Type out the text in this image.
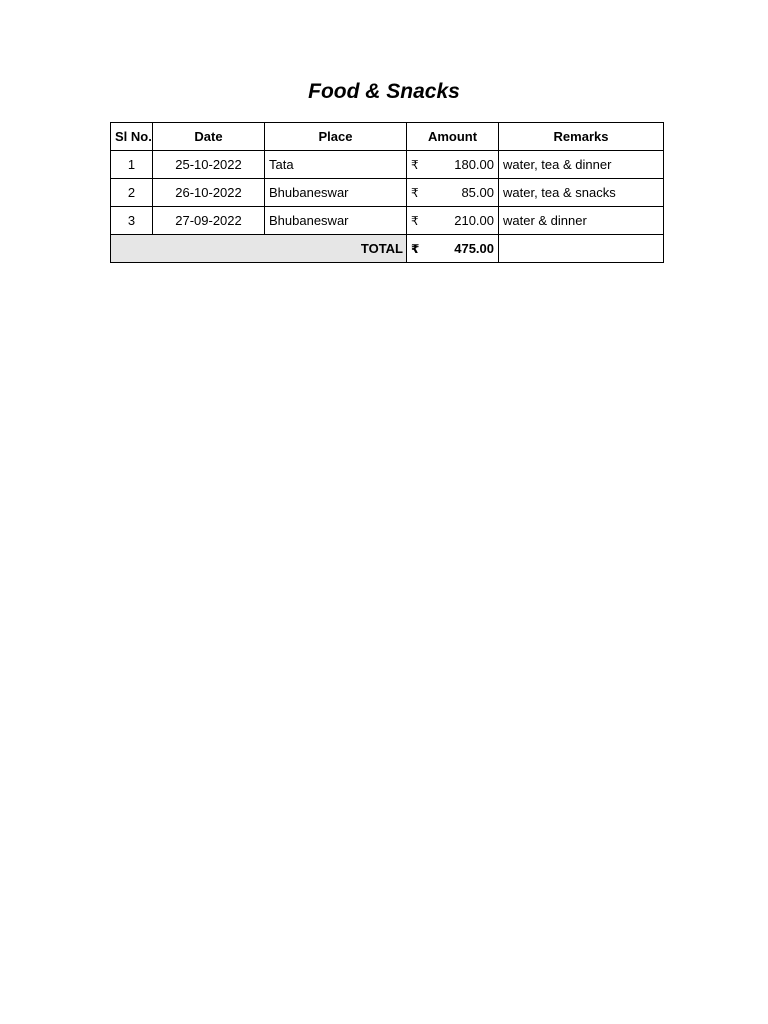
Food & Snacks
Sl No.	Date	Place	Amount	Remarks
1	25-10-2022	Tata	₹ 180.00	water, tea & dinner
2	26-10-2022	Bhubaneswar	₹ 85.00	water, tea & snacks
3	27-09-2022	Bhubaneswar	₹ 210.00	water & dinner
TOTAL			₹ 475.00	
